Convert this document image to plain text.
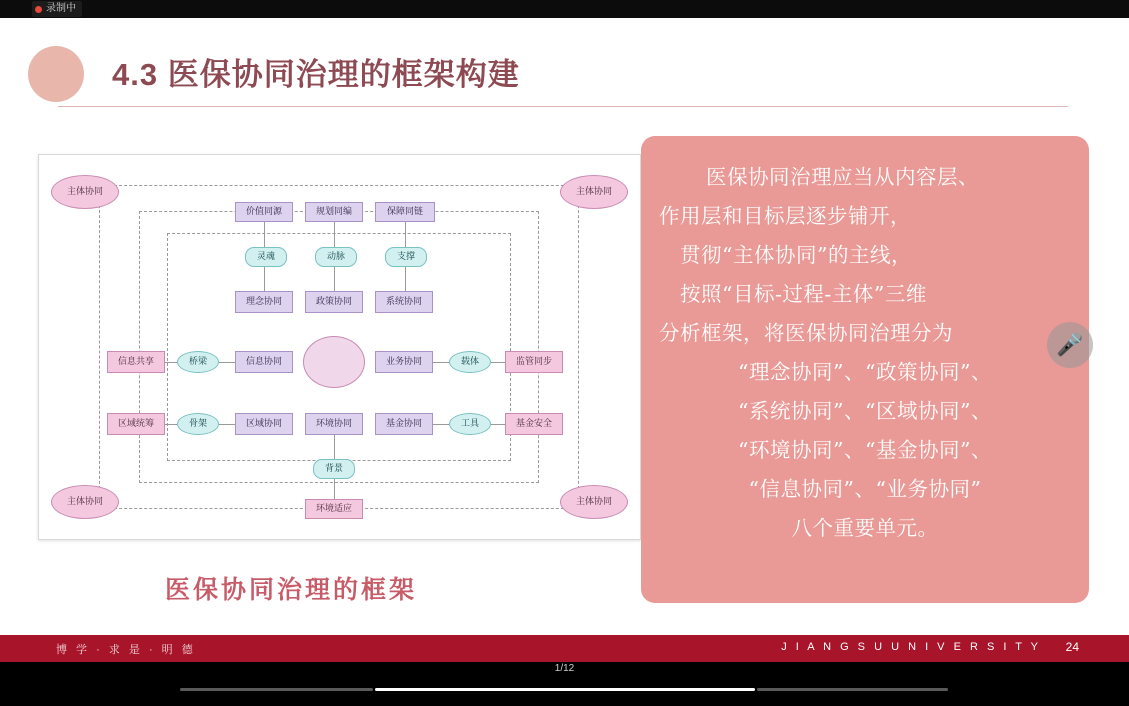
录制中
4.3 医保协同治理的框架构建
主体协同	主体协同
主体协同	主体协同
价值同源	规划同编	保障同链
灵魂	动脉	支撑
理念协同	政策协同	系统协同
信息共享	桥梁	信息协同	业务协同	载体	监管同步
区域统筹	骨架	区域协同	环境协同	基金协同	工具	基金安全
背景
环境适应
医保协同治理的框架
　医保协同治理应当从内容层、
作用层和目标层逐步铺开，
　贯彻“主体协同”的主线，
　按照“目标-过程-主体”三维
分析框架，将医保协同治理分为
“理念协同”、“政策协同”、
“系统协同”、“区域协同”、
“环境协同”、“基金协同”、
“信息协同”、“业务协同”
八个重要单元。
🎤
博 学 · 求 是 · 明 德	J I A N G S U U N I V E R S I T Y 24
1/12
